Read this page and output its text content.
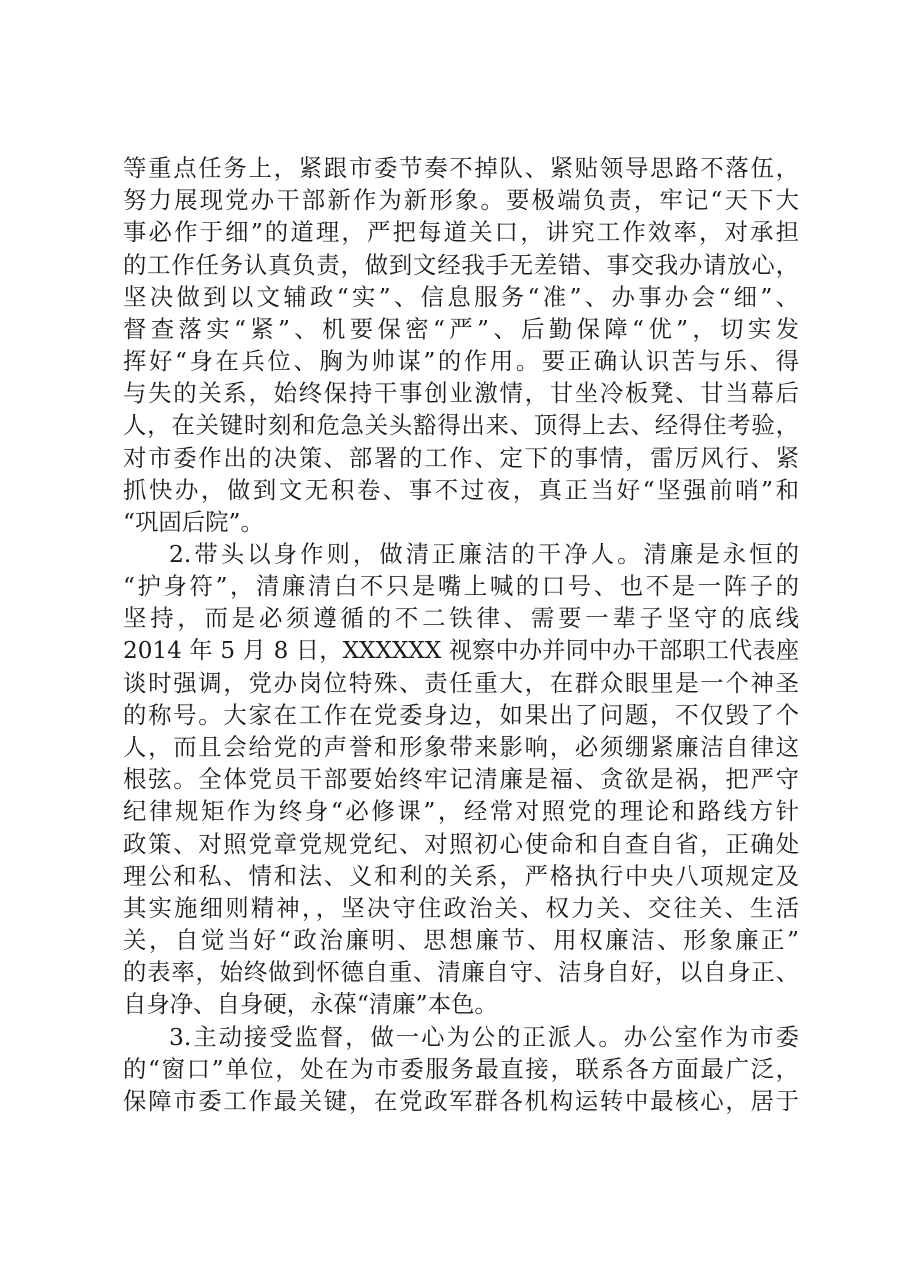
等重点任务上，紧跟市委节奏不掉队、紧贴领导思路不落伍，
努力展现党办干部新作为新形象。要极端负责，牢记“天下大
事必作于细”的道理，严把每道关口，讲究工作效率，对承担
的工作任务认真负责，做到文经我手无差错、事交我办请放心，
坚决做到以文辅政“实”、信息服务“准”、办事办会“细”、
督查落实“紧”、机要保密“严”、后勤保障“优”，切实发
挥好“身在兵位、胸为帅谋”的作用。要正确认识苦与乐、得
与失的关系，始终保持干事创业激情，甘坐冷板凳、甘当幕后
人，在关键时刻和危急关头豁得出来、顶得上去、经得住考验，
对市委作出的决策、部署的工作、定下的事情，雷厉风行、紧
抓快办，做到文无积卷、事不过夜，真正当好“坚强前哨”和
“巩固后院”。
2.带头以身作则，做清正廉洁的干净人。清廉是永恒的
“护身符”，清廉清白不只是嘴上喊的口号、也不是一阵子的
坚持，而是必须遵循的不二铁律、需要一辈子坚守的底线
2014 年 5 月 8 日，XXXXXX 视察中办并同中办干部职工代表座
谈时强调，党办岗位特殊、责任重大，在群众眼里是一个神圣
的称号。大家在工作在党委身边，如果出了问题，不仅毁了个
人，而且会给党的声誉和形象带来影响，必须绷紧廉洁自律这
根弦。全体党员干部要始终牢记清廉是福、贪欲是祸，把严守
纪律规矩作为终身“必修课”，经常对照党的理论和路线方针
政策、对照党章党规党纪、对照初心使命和自查自省，正确处
理公和私、情和法、义和利的关系，严格执行中央八项规定及
其实施细则精神，，坚决守住政治关、权力关、交往关、生活
关，自觉当好“政治廉明、思想廉节、用权廉洁、形象廉正”
的表率，始终做到怀德自重、清廉自守、洁身自好，以自身正、
自身净、自身硬，永葆“清廉”本色。
3.主动接受监督，做一心为公的正派人。办公室作为市委
的“窗口”单位，处在为市委服务最直接，联系各方面最广泛，
保障市委工作最关键，在党政军群各机构运转中最核心，居于
